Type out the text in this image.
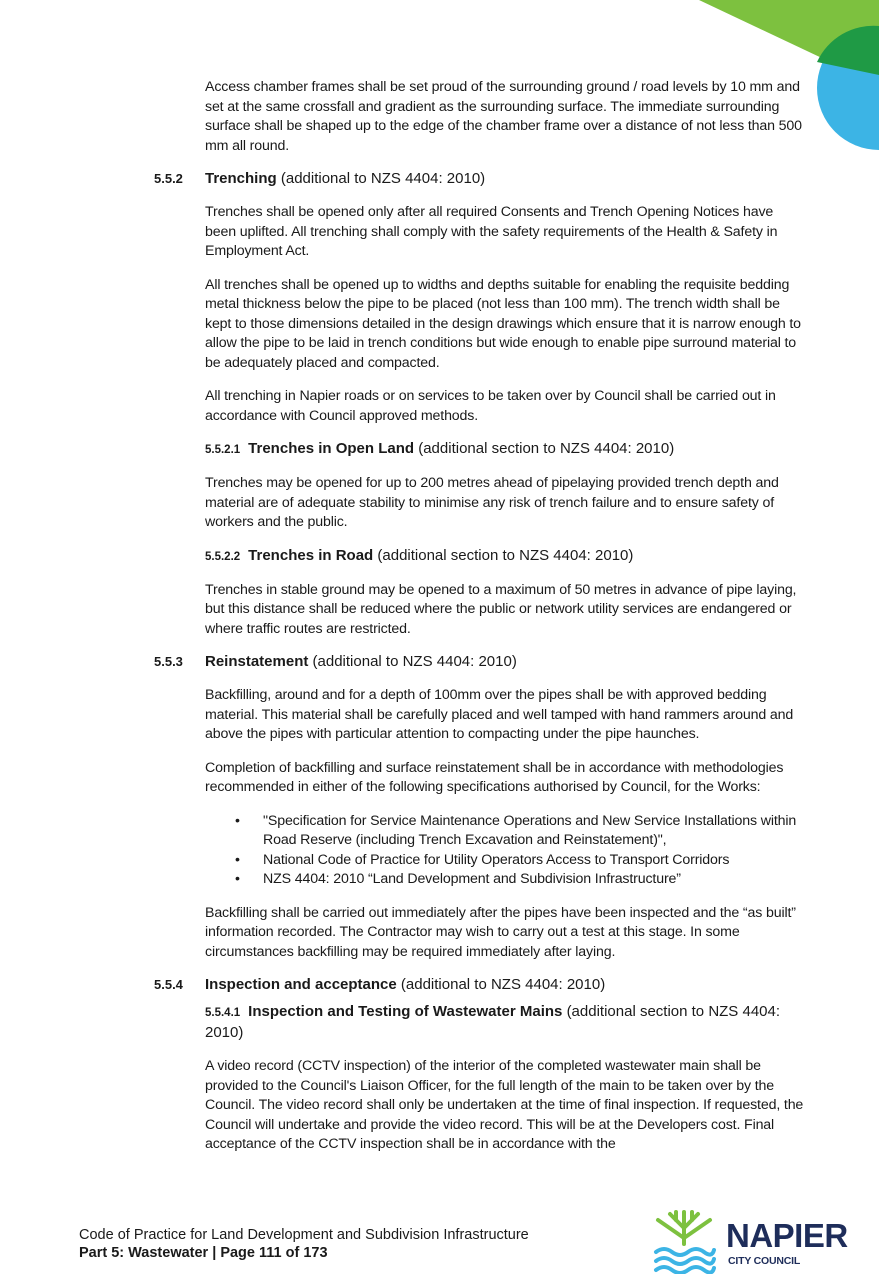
Access chamber frames shall be set proud of the surrounding ground / road levels by 10 mm and set at the same crossfall and gradient as the surrounding surface. The immediate surrounding surface shall be shaped up to the edge of the chamber frame over a distance of not less than 500 mm all round.

5.5.2 Trenching (additional to NZS 4404: 2010)

Trenches shall be opened only after all required Consents and Trench Opening Notices have been uplifted. All trenching shall comply with the safety requirements of the Health & Safety in Employment Act.

All trenches shall be opened up to widths and depths suitable for enabling the requisite bedding metal thickness below the pipe to be placed (not less than 100 mm). The trench width shall be kept to those dimensions detailed in the design drawings which ensure that it is narrow enough to allow the pipe to be laid in trench conditions but wide enough to enable pipe surround material to be adequately placed and compacted.

All trenching in Napier roads or on services to be taken over by Council shall be carried out in accordance with Council approved methods.

5.5.2.1 Trenches in Open Land (additional section to NZS 4404: 2010)

Trenches may be opened for up to 200 metres ahead of pipelaying provided trench depth and material are of adequate stability to minimise any risk of trench failure and to ensure safety of workers and the public.

5.5.2.2 Trenches in Road (additional section to NZS 4404: 2010)

Trenches in stable ground may be opened to a maximum of 50 metres in advance of pipe laying, but this distance shall be reduced where the public or network utility services are endangered or where traffic routes are restricted.

5.5.3 Reinstatement (additional to NZS 4404: 2010)

Backfilling, around and for a depth of 100mm over the pipes shall be with approved bedding material. This material shall be carefully placed and well tamped with hand rammers around and above the pipes with particular attention to compacting under the pipe haunches.

Completion of backfilling and surface reinstatement shall be in accordance with methodologies recommended in either of the following specifications authorised by Council, for the Works:

• "Specification for Service Maintenance Operations and New Service Installations within Road Reserve (including Trench Excavation and Reinstatement)",
• National Code of Practice for Utility Operators Access to Transport Corridors
• NZS 4404: 2010 “Land Development and Subdivision Infrastructure”

Backfilling shall be carried out immediately after the pipes have been inspected and the “as built” information recorded. The Contractor may wish to carry out a test at this stage. In some circumstances backfilling may be required immediately after laying.

5.5.4 Inspection and acceptance (additional to NZS 4404: 2010)
5.5.4.1 Inspection and Testing of Wastewater Mains (additional section to NZS 4404: 2010)

A video record (CCTV inspection) of the interior of the completed wastewater main shall be provided to the Council's Liaison Officer, for the full length of the main to be taken over by the Council. The video record shall only be undertaken at the time of final inspection. If requested, the Council will undertake and provide the video record. This will be at the Developers cost. Final acceptance of the CCTV inspection shall be in accordance with the

Code of Practice for Land Development and Subdivision Infrastructure
Part 5: Wastewater | Page 111 of 173	NAPIER
CITY COUNCIL
